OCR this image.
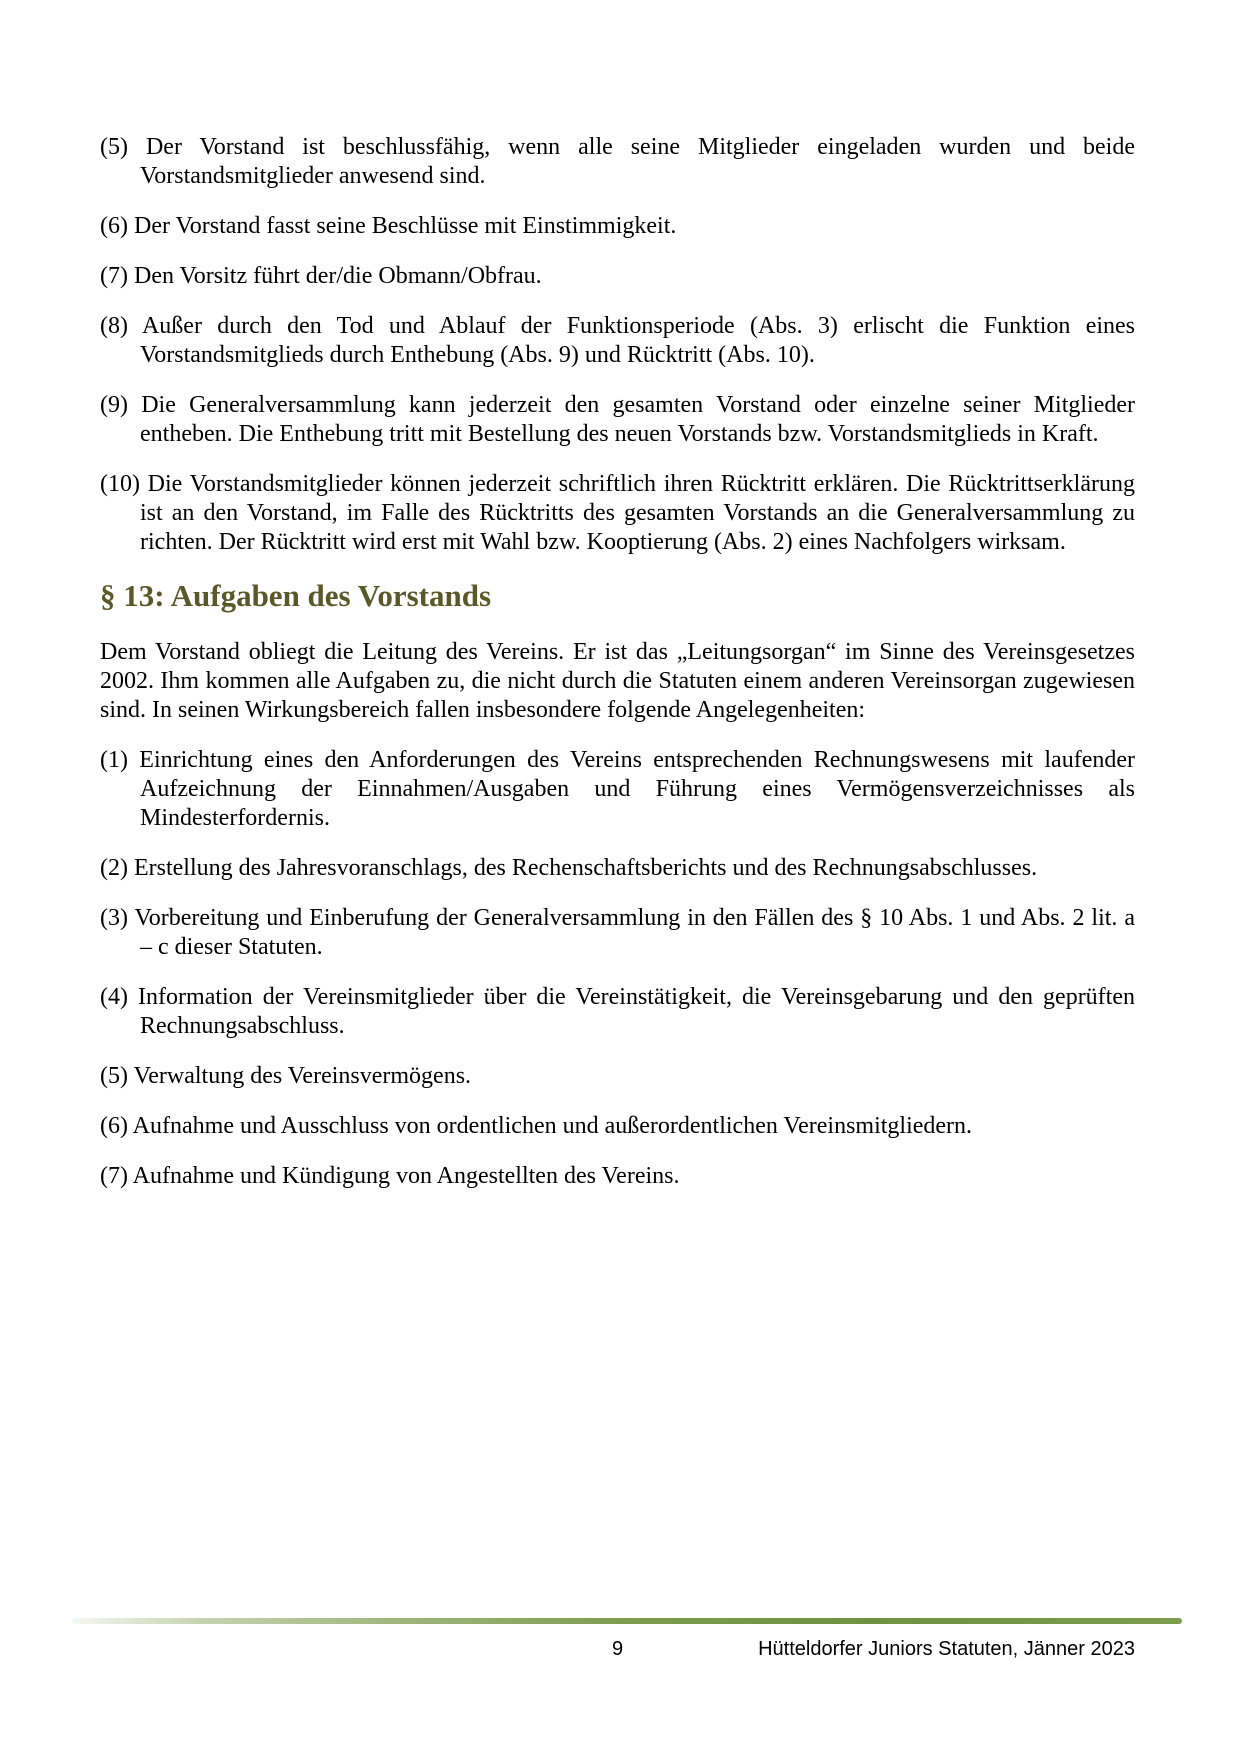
(5) Der Vorstand ist beschlussfähig, wenn alle seine Mitglieder eingeladen wurden und beide Vorstandsmitglieder anwesend sind.
(6) Der Vorstand fasst seine Beschlüsse mit Einstimmigkeit.
(7) Den Vorsitz führt der/die Obmann/Obfrau.
(8) Außer durch den Tod und Ablauf der Funktionsperiode (Abs. 3) erlischt die Funktion eines Vorstandsmitglieds durch Enthebung (Abs. 9) und Rücktritt (Abs. 10).
(9) Die Generalversammlung kann jederzeit den gesamten Vorstand oder einzelne seiner Mitglieder entheben. Die Enthebung tritt mit Bestellung des neuen Vorstands bzw. Vorstandsmitglieds in Kraft.
(10) Die Vorstandsmitglieder können jederzeit schriftlich ihren Rücktritt erklären. Die Rücktrittserklärung ist an den Vorstand, im Falle des Rücktritts des gesamten Vorstands an die Generalversammlung zu richten. Der Rücktritt wird erst mit Wahl bzw. Kooptierung (Abs. 2) eines Nachfolgers wirksam.
§ 13: Aufgaben des Vorstands

Dem Vorstand obliegt die Leitung des Vereins. Er ist das „Leitungsorgan“ im Sinne des Vereinsgesetzes 2002. Ihm kommen alle Aufgaben zu, die nicht durch die Statuten einem anderen Vereinsorgan zugewiesen sind. In seinen Wirkungsbereich fallen insbesondere folgende Angelegenheiten:

(1) Einrichtung eines den Anforderungen des Vereins entsprechenden Rechnungswesens mit laufender Aufzeichnung der Einnahmen/Ausgaben und Führung eines Vermögensverzeichnisses als Mindesterfordernis.
(2) Erstellung des Jahresvoranschlags, des Rechenschaftsberichts und des Rechnungsabschlusses.
(3) Vorbereitung und Einberufung der Generalversammlung in den Fällen des § 10 Abs. 1 und Abs. 2 lit. a – c dieser Statuten.
(4) Information der Vereinsmitglieder über die Vereinstätigkeit, die Vereinsgebarung und den geprüften Rechnungsabschluss.
(5) Verwaltung des Vereinsvermögens.
(6) Aufnahme und Ausschluss von ordentlichen und außerordentlichen Vereinsmitgliedern.
(7) Aufnahme und Kündigung von Angestellten des Vereins.
9	Hütteldorfer Juniors Statuten, Jänner 2023
